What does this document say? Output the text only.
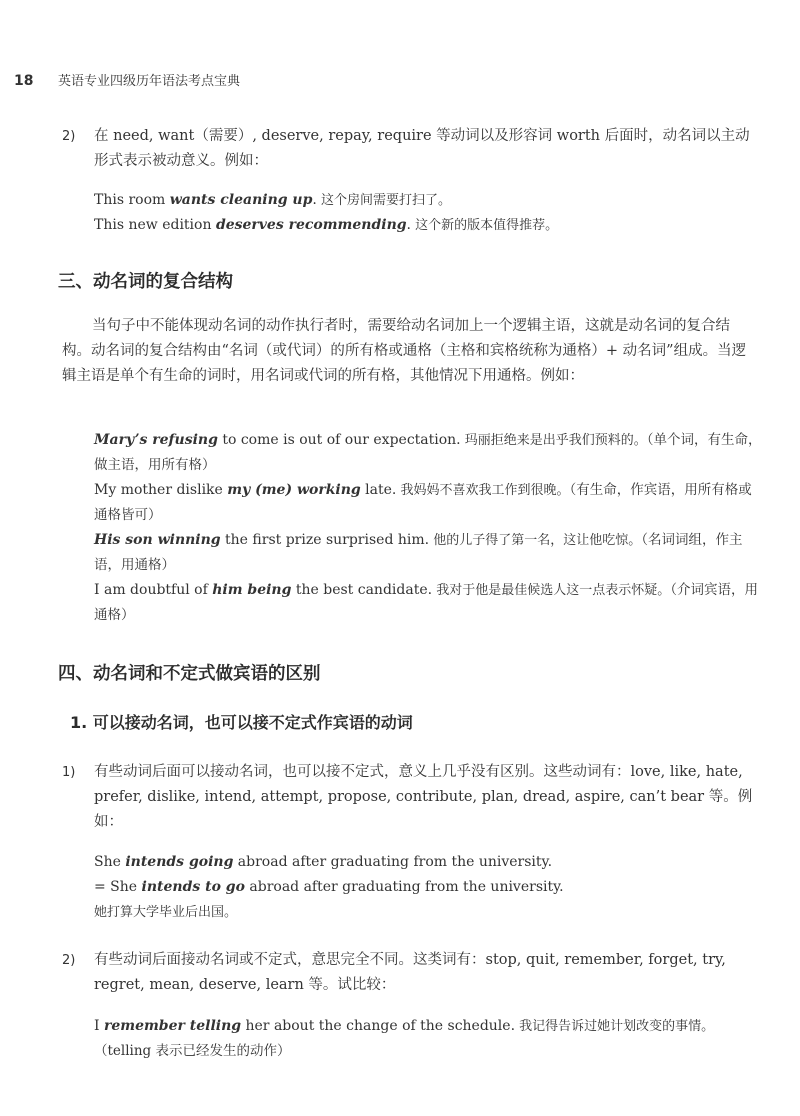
18 英语专业四级历年语法考点宝典
2) 在 need, want（需要）, deserve, repay, require 等动词以及形容词 worth 后面时，动名词以主动形式表示被动意义。例如：
This room wants cleaning up. 这个房间需要打扫了。
This new edition deserves recommending. 这个新的版本值得推荐。
三、动名词的复合结构
当句子中不能体现动名词的动作执行者时，需要给动名词加上一个逻辑主语，这就是动名词的复合结构。动名词的复合结构由“名词（或代词）的所有格或通格（主格和宾格统称为通格）+ 动名词”组成。当逻辑主语是单个有生命的词时，用名词或代词的所有格，其他情况下用通格。例如：
Mary’s refusing to come is out of our expectation. 玛丽拒绝来是出乎我们预料的。（单个词，有生命，做主语，用所有格）
My mother dislike my (me) working late. 我妈妈不喜欢我工作到很晚。（有生命，作宾语，用所有格或通格皆可）
His son winning the first prize surprised him. 他的儿子得了第一名，这让他吃惊。（名词词组，作主语，用通格）
I am doubtful of him being the best candidate. 我对于他是最佳候选人这一点表示怀疑。（介词宾语，用通格）
四、动名词和不定式做宾语的区别
1. 可以接动名词，也可以接不定式作宾语的动词
1) 有些动词后面可以接动名词，也可以接不定式，意义上几乎没有区别。这些动词有：love, like, hate, prefer, dislike, intend, attempt, propose, contribute, plan, dread, aspire, can’t bear 等。例如：
She intends going abroad after graduating from the university.
= She intends to go abroad after graduating from the university.
她打算大学毕业后出国。
2) 有些动词后面接动名词或不定式，意思完全不同。这类词有：stop, quit, remember, forget, try, regret, mean, deserve, learn 等。试比较：
I remember telling her about the change of the schedule. 我记得告诉过她计划改变的事情。（telling 表示已经发生的动作）
